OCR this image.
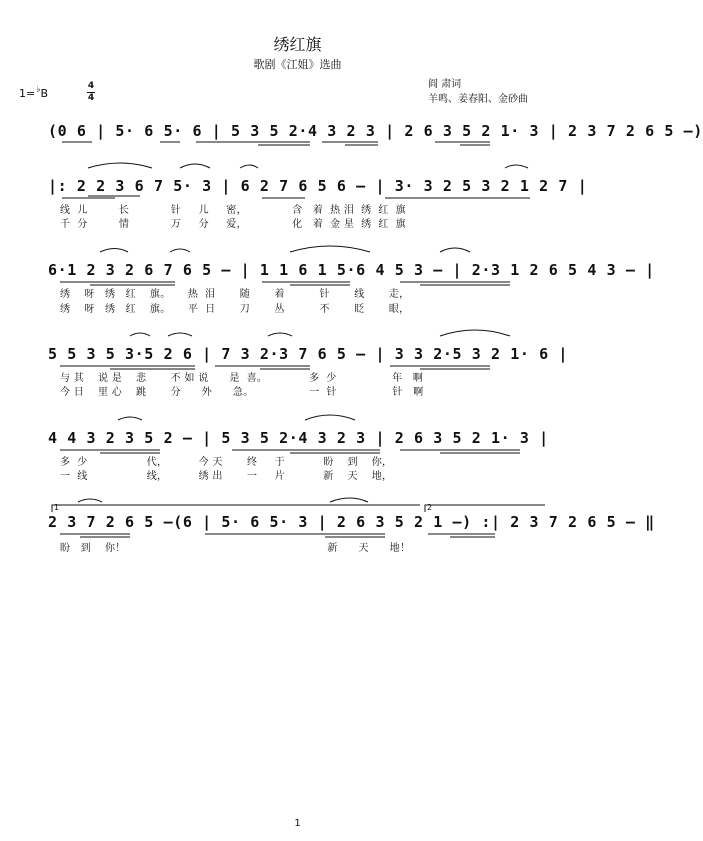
绣红旗
歌剧《江姐》选曲
阎 肃词
羊鸣、姜春阳、金砂曲
1=♭B
4
4
(0 6 | 5· 6 5· 6 | 5 3 5 2·4 3 2 3 | 2 6 3 5 2 1· 3 | 2 3 7 2 6 5 —)
|: 2 2 3 6 7 5· 3 | 6 2 7 6 5 6 — | 3· 3 2 5 3 2 1 2 7 |
线  儿         长            针     儿     密，             含   着  热 泪  绣  红  旗
千  分         情            万     分     爱，             化   着  金 星  绣  红  旗
6·1 2 3 2 6 7 6 5 — | 1 1 6 1 5·6 4 5 3 — | 2·3 1 2 6 5 4 3 — |
绣    呀   绣   红    旗。     热  泪       随       着          针       线       走，
绣    呀   绣   红    旗。     平  日       刀       丛          不       眨       眼，
5 5 3 5 3·5 2 6 | 7 3 2·3 7 6 5 — | 3 3 2·5 3 2 1· 6 |
与 其    说 是    悲       不 如 说      是  喜。            多  少                年   啊
今 日    里 心    跳       分      外      急。                一  针                针   啊
4 4 3 2 3 5 2 — | 5 3 5 2·4 3 2 3 | 2 6 3 5 2 1· 3 |
多  少                 代，         今 天       终     于           盼    到    你，
一  线                 线，         绣 出       一     片           新    天    地，
2 3 7 2 6 5 —(6 | 5· 6 5· 3 | 2 6 3 5 2 1 —) :| 2 3 7 2 6 5 — ‖
盼   到    你！                                                          新      天      地！
1	2
1
